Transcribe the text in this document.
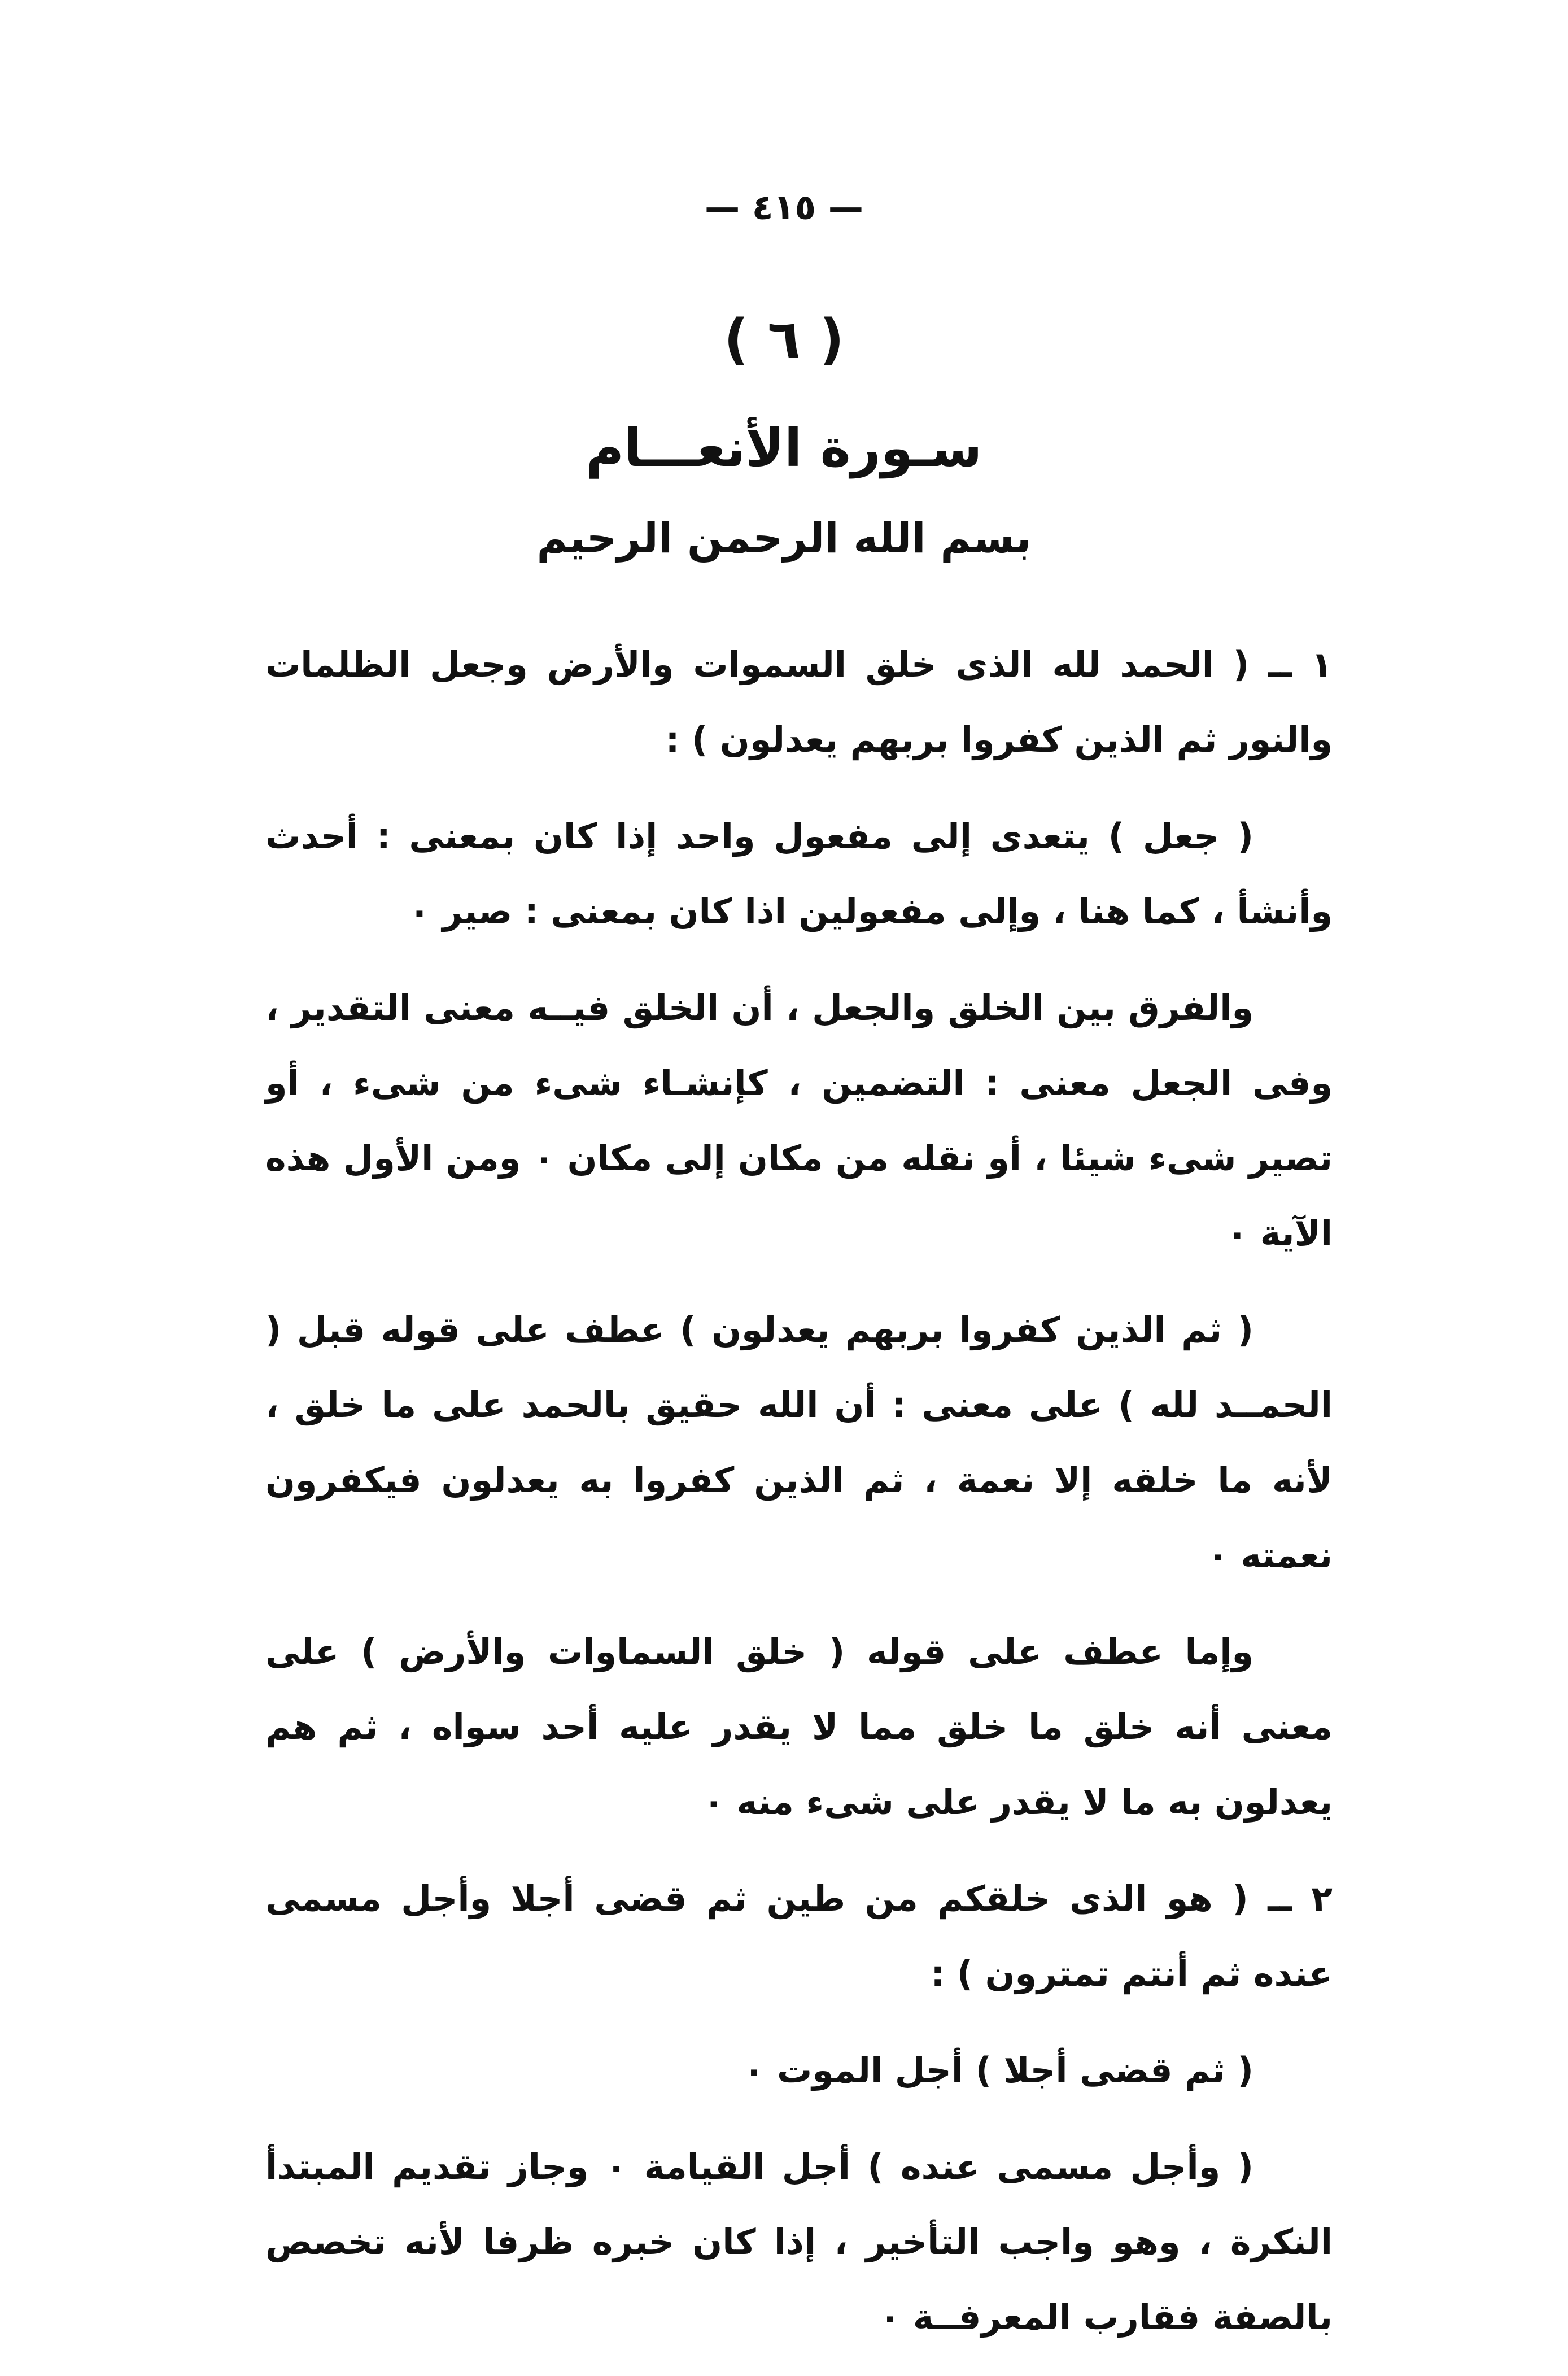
— ٤١٥ —
( ٦ )
سـورة الأنعـــام
بسم الله الرحمن الرحيم

١ ــ ( الحمد لله الذى خلق السموات والأرض وجعل الظلمات والنور ثم الذين كفروا بربهم يعدلون ) :

( جعل ) يتعدى إلى مفعول واحد إذا كان بمعنى : أحدث وأنشأ ، كما هنا ، وإلى مفعولين اذا كان بمعنى : صير ٠

والفرق بين الخلق والجعل ، أن الخلق فيــه معنى التقدير ، وفى الجعل معنى : التضمين ، كإنشـاء شىء من شىء ، أو تصير شىء شيئا ، أو نقله من مكان إلى مكان ٠ ومن الأول هذه الآية ٠

( ثم الذين كفروا بربهم يعدلون ) عطف على قوله قبل ( الحمــد لله ) على معنى : أن الله حقيق بالحمد على ما خلق ، لأنه ما خلقه إلا نعمة ، ثم الذين كفروا به يعدلون فيكفرون نعمته ٠

وإما عطف على قوله ( خلق السماوات والأرض ) على معنى أنه خلق ما خلق مما لا يقدر عليه أحد سواه ، ثم هم يعدلون به ما لا يقدر على شىء منه ٠

٢ ــ ( هو الذى خلقكم من طين ثم قضى أجلا وأجل مسمى عنده ثم أنتم تمترون ) :

( ثم قضى أجلا ) أجل الموت ٠

( وأجل مسمى عنده ) أجل القيامة ٠ وجاز تقديم المبتدأ النكرة ، وهو واجب التأخير ، إذا كان خبره ظرفا لأنه تخصص بالصفة فقارب المعرفــة ٠
